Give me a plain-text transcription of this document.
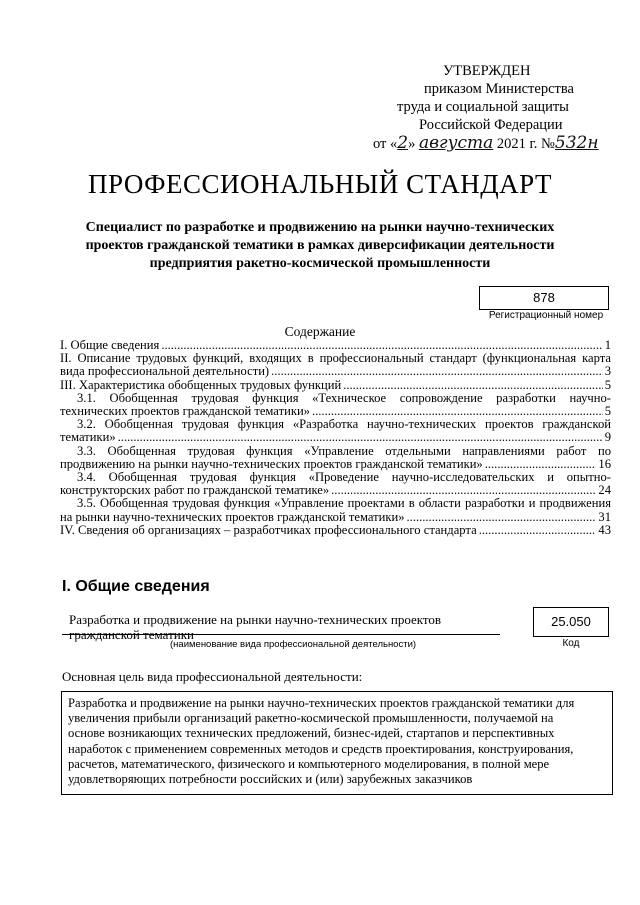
УТВЕРЖДЕН
приказом Министерства
труда и социальной защиты
Российской Федерации
от «2» августа 2021 г. №532н
ПРОФЕССИОНАЛЬНЫЙ СТАНДАРТ
Специалист по разработке и продвижению на рынки научно-технических
проектов гражданской тематики в рамках диверсификации деятельности
предприятия ракетно-космической промышленности
878
Регистрационный номер
Содержание
I. Общие сведения .....	1
II. Описание трудовых функций, входящих в профессиональный стандарт (функциональная карта
вида профессиональной деятельности) .....	3
III. Характеристика обобщенных трудовых функций .....	5
3.1. Обобщенная трудовая функция «Техническое сопровождение разработки научно-
технических проектов гражданской тематики» .....	5
3.2. Обобщенная трудовая функция «Разработка научно-технических проектов гражданской
тематики» .....	9
3.3. Обобщенная трудовая функция «Управление отдельными направлениями работ по
продвижению на рынки научно-технических проектов гражданской тематики» .....	16
3.4. Обобщенная трудовая функция «Проведение научно-исследовательских и опытно-
конструкторских работ по гражданской тематике» .....	24
3.5. Обобщенная трудовая функция «Управление проектами в области разработки и продвижения
на рынки научно-технических проектов гражданской тематики» .....	31
IV. Сведения об организациях – разработчиках профессионального стандарта .....	43
I. Общие сведения
Разработка и продвижение на рынки научно-технических проектов
гражданской тематики
(наименование вида профессиональной деятельности)
25.050
Код
Основная цель вида профессиональной деятельности:
Разработка и продвижение на рынки научно-технических проектов гражданской тематики для
увеличения прибыли организаций ракетно-космической промышленности, получаемой на
основе возникающих технических предложений, бизнес-идей, стартапов и перспективных
наработок с применением современных методов и средств проектирования, конструирования,
расчетов, математического, физического и компьютерного моделирования, в полной мере
удовлетворяющих потребности российских и (или) зарубежных заказчиков
